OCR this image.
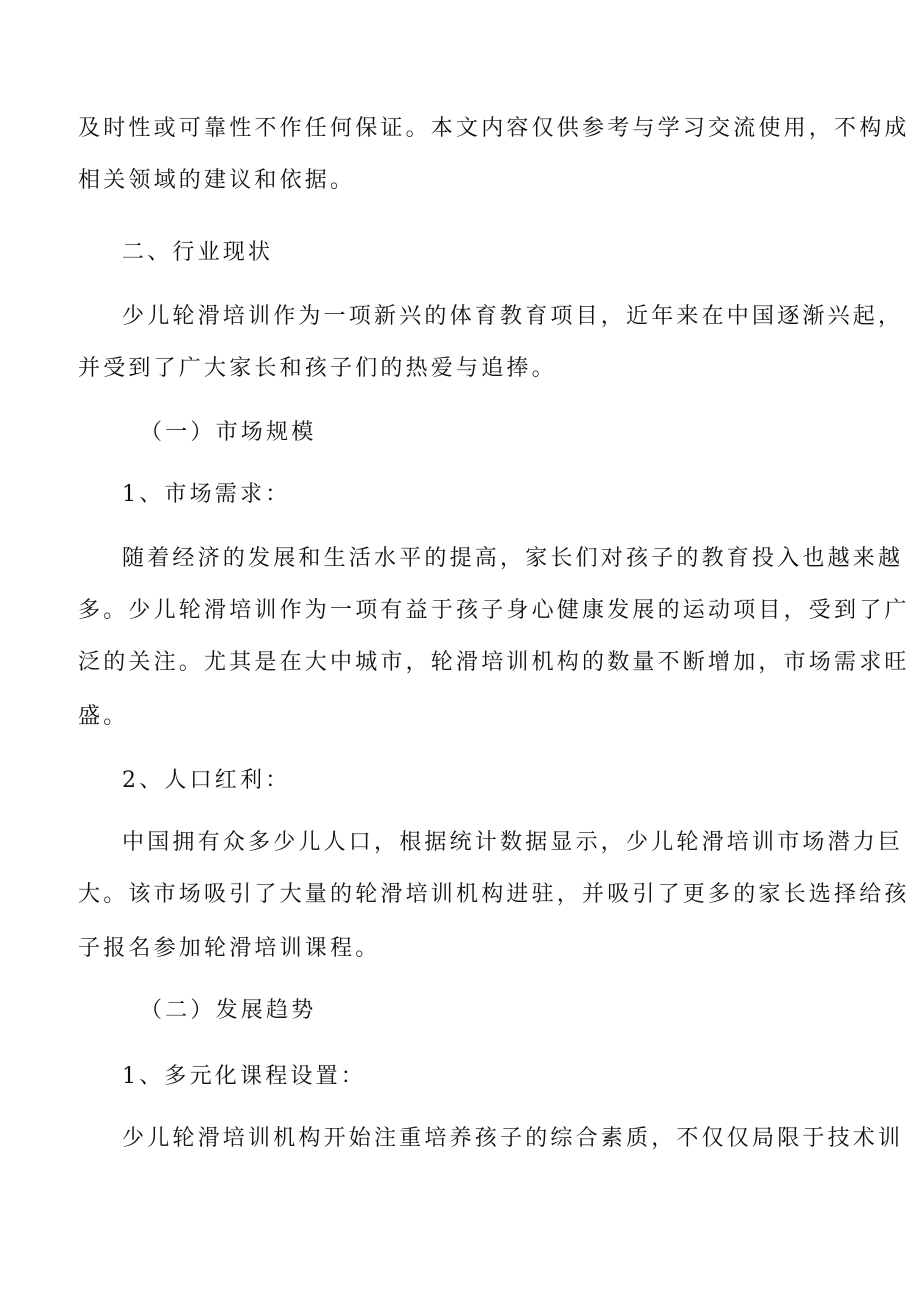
及时性或可靠性不作任何保证。本文内容仅供参考与学习交流使用，不构成
相关领域的建议和依据。
二、行业现状
少儿轮滑培训作为一项新兴的体育教育项目，近年来在中国逐渐兴起，
并受到了广大家长和孩子们的热爱与追捧。
（一）市场规模
1、市场需求：
随着经济的发展和生活水平的提高，家长们对孩子的教育投入也越来越
多。少儿轮滑培训作为一项有益于孩子身心健康发展的运动项目，受到了广
泛的关注。尤其是在大中城市，轮滑培训机构的数量不断增加，市场需求旺
盛。
2、人口红利：
中国拥有众多少儿人口，根据统计数据显示，少儿轮滑培训市场潜力巨
大。该市场吸引了大量的轮滑培训机构进驻，并吸引了更多的家长选择给孩
子报名参加轮滑培训课程。
（二）发展趋势
1、多元化课程设置：
少儿轮滑培训机构开始注重培养孩子的综合素质，不仅仅局限于技术训
